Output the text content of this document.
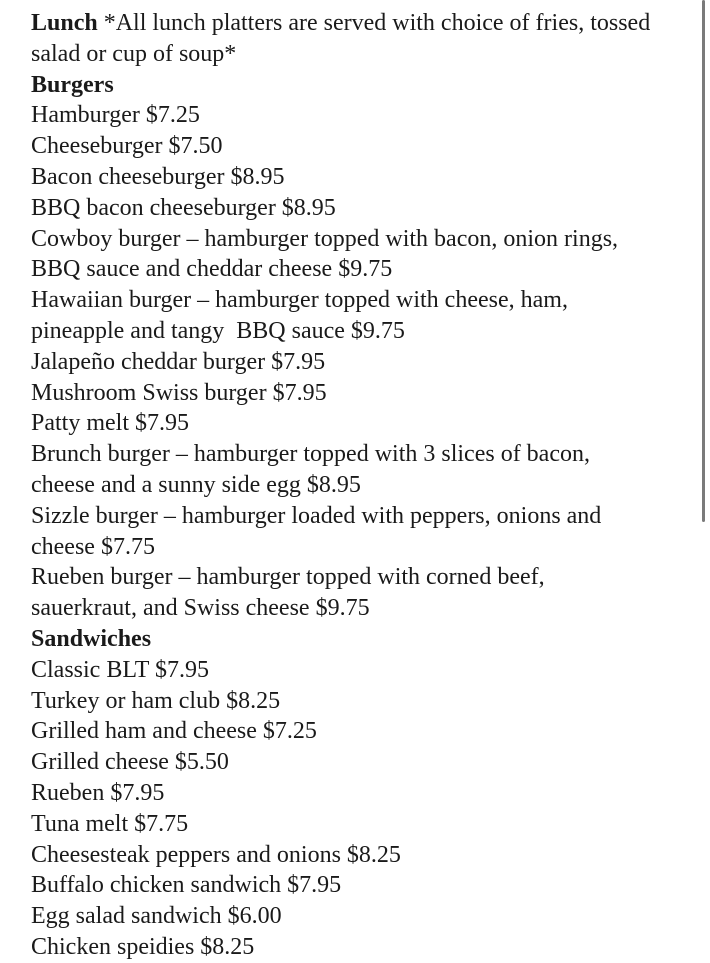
Lunch *All lunch platters are served with choice of fries, tossed
salad or cup of soup*
Burgers
Hamburger $7.25
Cheeseburger $7.50
Bacon cheeseburger $8.95
BBQ bacon cheeseburger $8.95
Cowboy burger – hamburger topped with bacon, onion rings,
BBQ sauce and cheddar cheese $9.75
Hawaiian burger – hamburger topped with cheese, ham,
pineapple and tangy  BBQ sauce $9.75
Jalapeño cheddar burger $7.95
Mushroom Swiss burger $7.95
Patty melt $7.95
Brunch burger – hamburger topped with 3 slices of bacon,
cheese and a sunny side egg $8.95
Sizzle burger – hamburger loaded with peppers, onions and
cheese $7.75
Rueben burger – hamburger topped with corned beef,
sauerkraut, and Swiss cheese $9.75
Sandwiches
Classic BLT $7.95
Turkey or ham club $8.25
Grilled ham and cheese $7.25
Grilled cheese $5.50
Rueben $7.95
Tuna melt $7.75
Cheesesteak peppers and onions $8.25
Buffalo chicken sandwich $7.95
Egg salad sandwich $6.00
Chicken speidies $8.25
